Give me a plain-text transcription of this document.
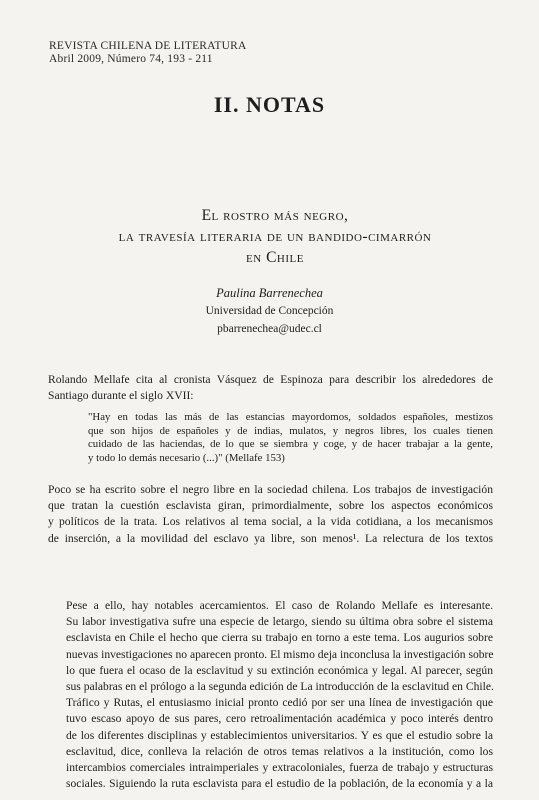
REVISTA CHILENA DE LITERATURA
Abril 2009, Número 74, 193 - 211
II. NOTAS
El rostro más negro,
la travesía literaria de un bandido-cimarrón
en Chile
Paulina Barrenechea
Universidad de Concepción
pbarrenechea@udec.cl
Rolando Mellafe cita al cronista Vásquez de Espinoza para describir los alrededores de
Santiago durante el siglo XVII:
"Hay en todas las más de las estancias mayordomos, soldados españoles, mestizos
que son hijos de españoles y de indias, mulatos, y negros libres, los cuales tienen
cuidado de las haciendas, de lo que se siembra y coge, y de hacer trabajar a la gente,
y todo lo demás necesario (...)" (Mellafe 153)
Poco se ha escrito sobre el negro libre en la sociedad chilena. Los trabajos de investigación
que tratan la cuestión esclavista giran, primordialmente, sobre los aspectos económicos
y políticos de la trata. Los relativos al tema social, a la vida cotidiana, a los mecanismos
de inserción, a la movilidad del esclavo ya libre, son menos¹. La relectura de los textos
Pese a ello, hay notables acercamientos. El caso de Rolando Mellafe es interesante.
Su labor investigativa sufre una especie de letargo, siendo su última obra sobre el sistema
esclavista en Chile el hecho que cierra su trabajo en torno a este tema. Los augurios sobre
nuevas investigaciones no aparecen pronto. El mismo deja inconclusa la investigación sobre
lo que fuera el ocaso de la esclavitud y su extinción económica y legal. Al parecer, según
sus palabras en el prólogo a la segunda edición de La introducción de la esclavitud en Chile.
Tráfico y Rutas, el entusiasmo inicial pronto cedió por ser una línea de investigación que
tuvo escaso apoyo de sus pares, cero retroalimentación académica y poco interés dentro
de los diferentes disciplinas y establecimientos universitarios. Y es que el estudio sobre la
esclavitud, dice, conlleva la relación de otros temas relativos a la institución, como los
intercambios comerciales intraimperiales y extracoloniales, fuerza de trabajo y estructuras
sociales. Siguiendo la ruta esclavista para el estudio de la población, de la economía y a la
